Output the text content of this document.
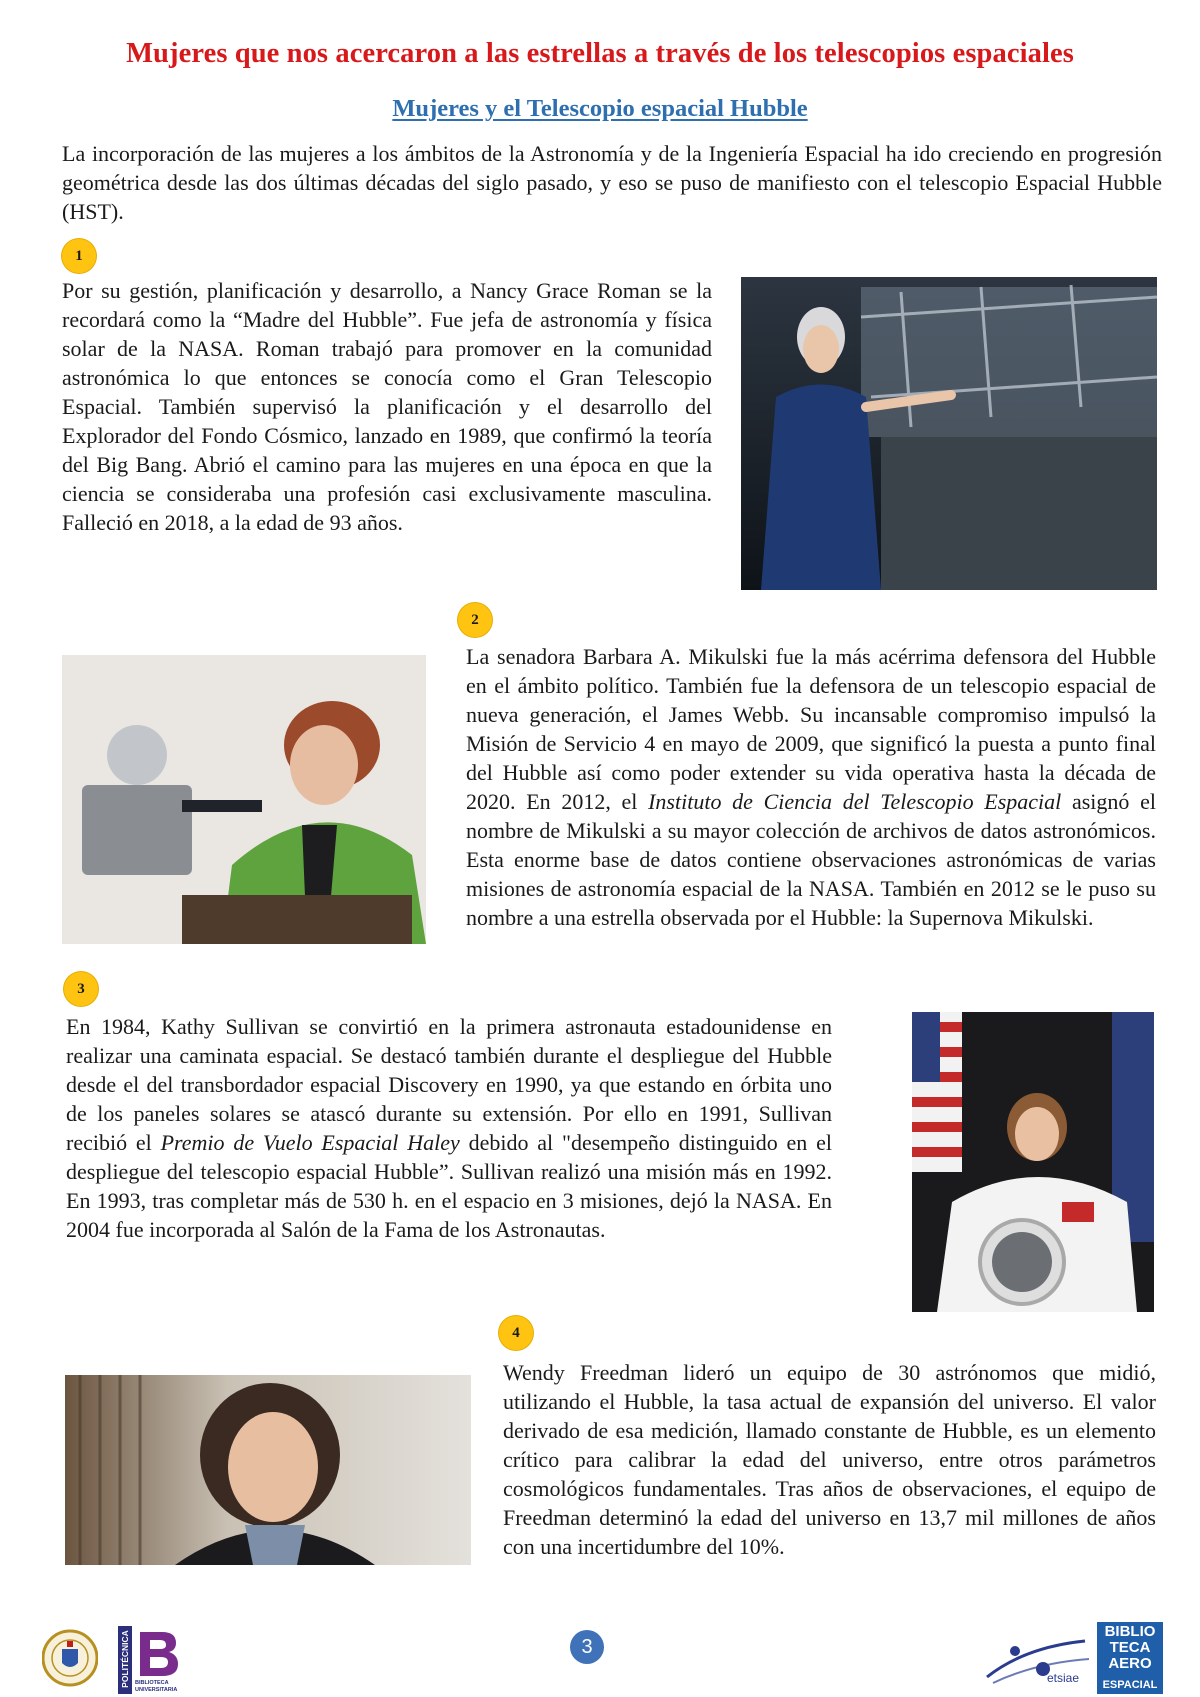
Mujeres que nos acercaron a las estrellas a través de los telescopios espaciales
Mujeres y el Telescopio espacial Hubble
La incorporación de las mujeres a los ámbitos de la Astronomía y de la Ingeniería Espacial ha ido creciendo en progresión geométrica desde las dos últimas décadas del siglo pasado, y eso se puso de manifiesto con el telescopio Espacial Hubble (HST).
1
Por su gestión, planificación y desarrollo, a Nancy Grace Roman se la recordará como la “Madre del Hubble”. Fue jefa de astronomía y física solar de la NASA. Roman trabajó para promover en la comunidad astronómica lo que entonces se conocía como el Gran Telescopio Espacial. También supervisó la planificación y el desarrollo del Explorador del Fondo Cósmico, lanzado en 1989, que confirmó la teoría del Big Bang. Abrió el camino para las mujeres en una época en que la ciencia se consideraba una profesión casi exclusivamente masculina. Falleció en 2018, a la edad de 93 años.
2
La senadora Barbara A. Mikulski fue la más acérrima defensora del Hubble en el ámbito político. También fue la defensora de un telescopio espacial de nueva generación, el James Webb. Su incansable compromiso impulsó la Misión de Servicio 4 en mayo de 2009, que significó la puesta a punto final del Hubble así como poder extender su vida operativa hasta la década de 2020. En 2012, el Instituto de Ciencia del Telescopio Espacial asignó el nombre de Mikulski a su mayor colección de archivos de datos astronómicos. Esta enorme base de datos contiene observaciones astronómicas de varias misiones de astronomía espacial de la NASA. También en 2012 se le puso su nombre a una estrella observada por el Hubble: la Supernova Mikulski.
3
En 1984, Kathy Sullivan se convirtió en la primera astronauta estadounidense en realizar una caminata espacial. Se destacó también durante el despliegue del Hubble desde el del transbordador espacial Discovery en 1990, ya que estando en órbita uno de los paneles solares se atascó durante su extensión. Por ello en 1991, Sullivan recibió el Premio de Vuelo Espacial Haley debido al "desempeño distinguido en el despliegue del telescopio espacial Hubble”. Sullivan realizó una misión más en 1992. En 1993, tras completar más de 530 h. en el espacio en 3 misiones, dejó la NASA. En 2004 fue incorporada al Salón de la Fama de los Astronautas.
4
Wendy Freedman lideró un equipo de 30 astrónomos que midió, utilizando el Hubble, la tasa actual de expansión del universo. El valor derivado de esa medición, llamado constante de Hubble, es un elemento crítico para calibrar la edad del universo, entre otros parámetros cosmológicos fundamentales. Tras años de observaciones, el equipo de Freedman determinó la edad del universo en 13,7 mil millones de años con una incertidumbre del 10%.
POLITÉCNICA BIBLIOTECA UNIVERSITARIA
3
etsiae
BIBLIO
TECA
AERO
ESPACIAL
